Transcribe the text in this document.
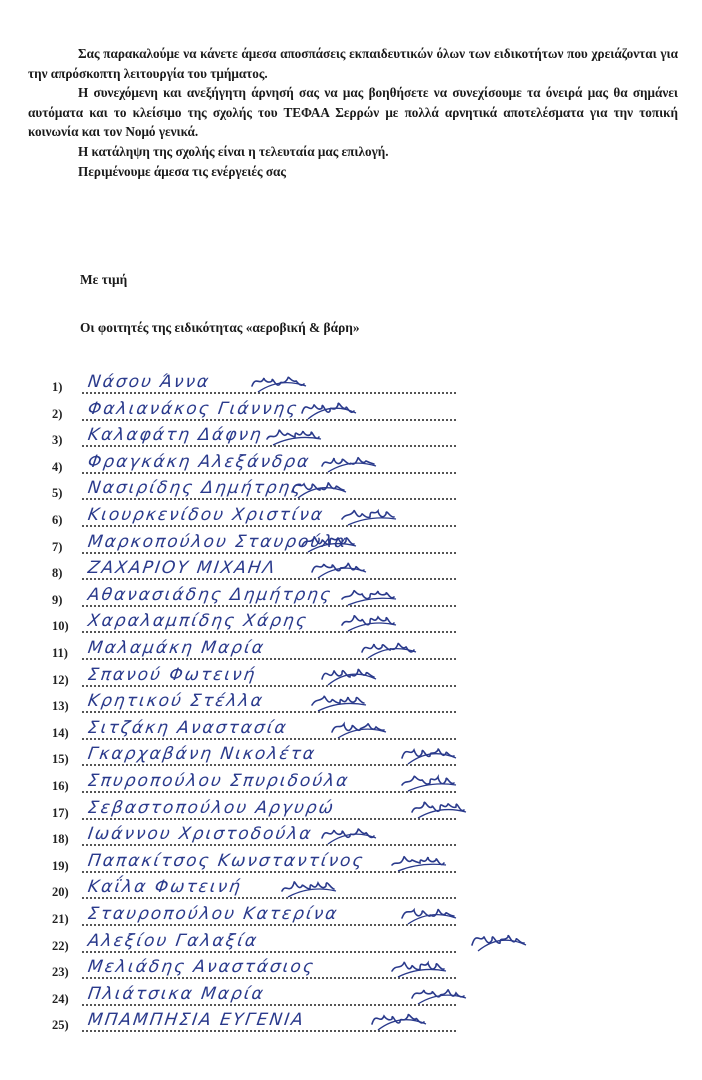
Σας παρακαλούμε να κάνετε άμεσα αποσπάσεις εκπαιδευτικών όλων των ειδικοτήτων που χρειάζονται για την απρόσκοπτη λειτουργία του τμήματος.

Η συνεχόμενη και ανεξήγητη άρνησή σας να μας βοηθήσετε να συνεχίσουμε τα όνειρά μας θα σημάνει αυτόματα και το κλείσιμο της σχολής του ΤΕΦΑΑ Σερρών με πολλά αρνητικά αποτελέσματα για την τοπική κοινωνία και τον Νομό γενικά.

Η κατάληψη της σχολής είναι η τελευταία μας επιλογή.

Περιμένουμε άμεσα τις ενέργειές σας

Με τιμή
Οι φοιτητές της ειδικότητας «αεροβική & βάρη»
1) Νάσου Άννα
2) Φαλιανάκος Γιάννης
3) Καλαφάτη Δάφνη
4) Φραγκάκη Αλεξάνδρα
5) Νασιρίδης Δημήτρης
6) Κιουρκενίδου Χριστίνα
7) Μαρκοπούλου Σταυρούλα
8) ΖΑΧΑΡΙΟΥ ΜΙΧΑΗΛ
9) Αθανασιάδης Δημήτρης
10) Χαραλαμπίδης Χάρης
11) Μαλαμάκη Μαρία
12) Σπανού Φωτεινή
13) Κρητικού Στέλλα
14) Σιτζάκη Αναστασία
15) Γκαρχαβάνη Νικολέτα
16) Σπυροπούλου Σπυριδούλα
17) Σεβαστοπούλου Αργυρώ
18) Ιωάννου Χριστοδούλα
19) Παπακίτσος Κωνσταντίνος
20) Καΐλα Φωτεινή
21) Σταυροπούλου Κατερίνα
22) Αλεξίου Γαλαξία
23) Μελιάδης Αναστάσιος
24) Πλιάτσικα Μαρία
25) ΜΠΑΜΠΗΣΙΑ ΕΥΓΕΝΙΑ
